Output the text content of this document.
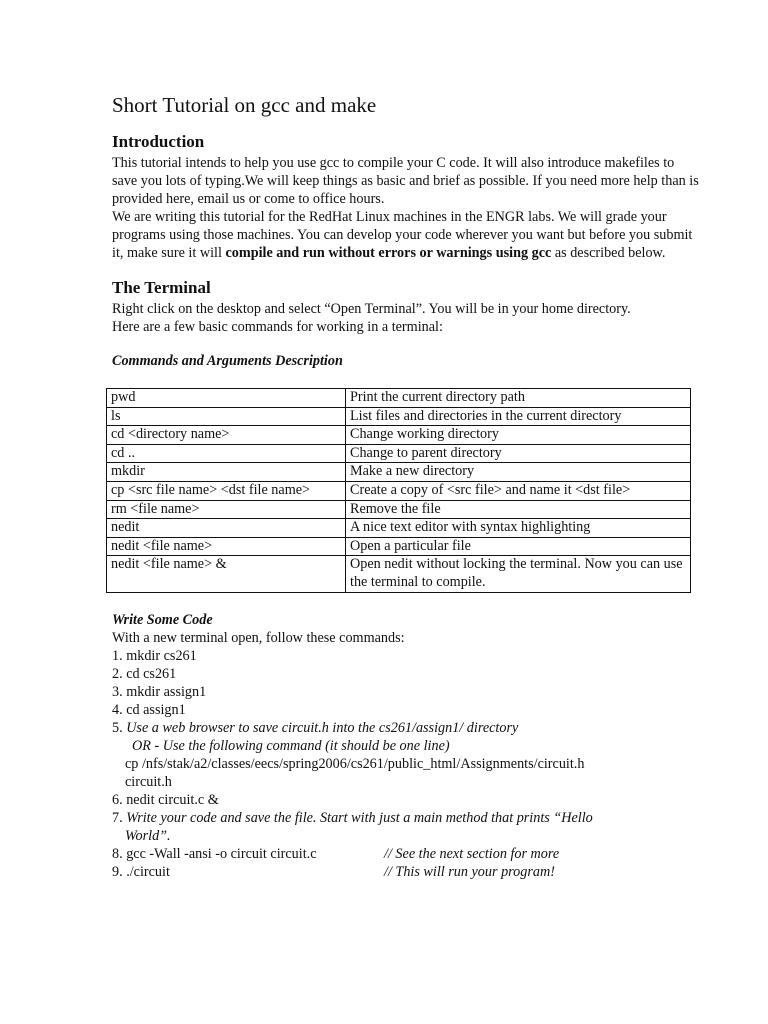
Short Tutorial on gcc and make
Introduction

This tutorial intends to help you use gcc to compile your C code. It will also introduce makefiles to save you lots of typing.We will keep things as basic and brief as possible. If you need more help than is provided here, email us or come to office hours.

We are writing this tutorial for the RedHat Linux machines in the ENGR labs. We will grade your programs using those machines. You can develop your code wherever you want but before you submit it, make sure it will compile and run without errors or warnings using gcc as described below.

The Terminal

Right click on the desktop and select “Open Terminal”. You will be in your home directory.

Here are a few basic commands for working in a terminal:

Commands and Arguments Description

pwd	Print the current directory path
ls	List files and directories in the current directory
cd <directory name>	Change working directory
cd ..	Change to parent directory
mkdir	Make a new directory
cp <src file name> <dst file name>	Create a copy of <src file> and name it <dst file>
rm <file name>	Remove the file
nedit	A nice text editor with syntax highlighting
nedit <file name>	Open a particular file
nedit <file name> &	Open nedit without locking the terminal. Now you can use the terminal to compile.

Write Some Code

With a new terminal open, follow these commands:

1. mkdir cs261
2. cd cs261
3. mkdir assign1
4. cd assign1
5. Use a web browser to save circuit.h into the cs261/assign1/ directory
OR - Use the following command (it should be one line)
cp /nfs/stak/a2/classes/eecs/spring2006/cs261/public_html/Assignments/circuit.h
circuit.h
6. nedit circuit.c &
7. Write your code and save the file. Start with just a main method that prints “Hello
World”.
8. gcc -Wall -ansi -o circuit circuit.c	// See the next section for more
9. ./circuit	// This will run your program!
